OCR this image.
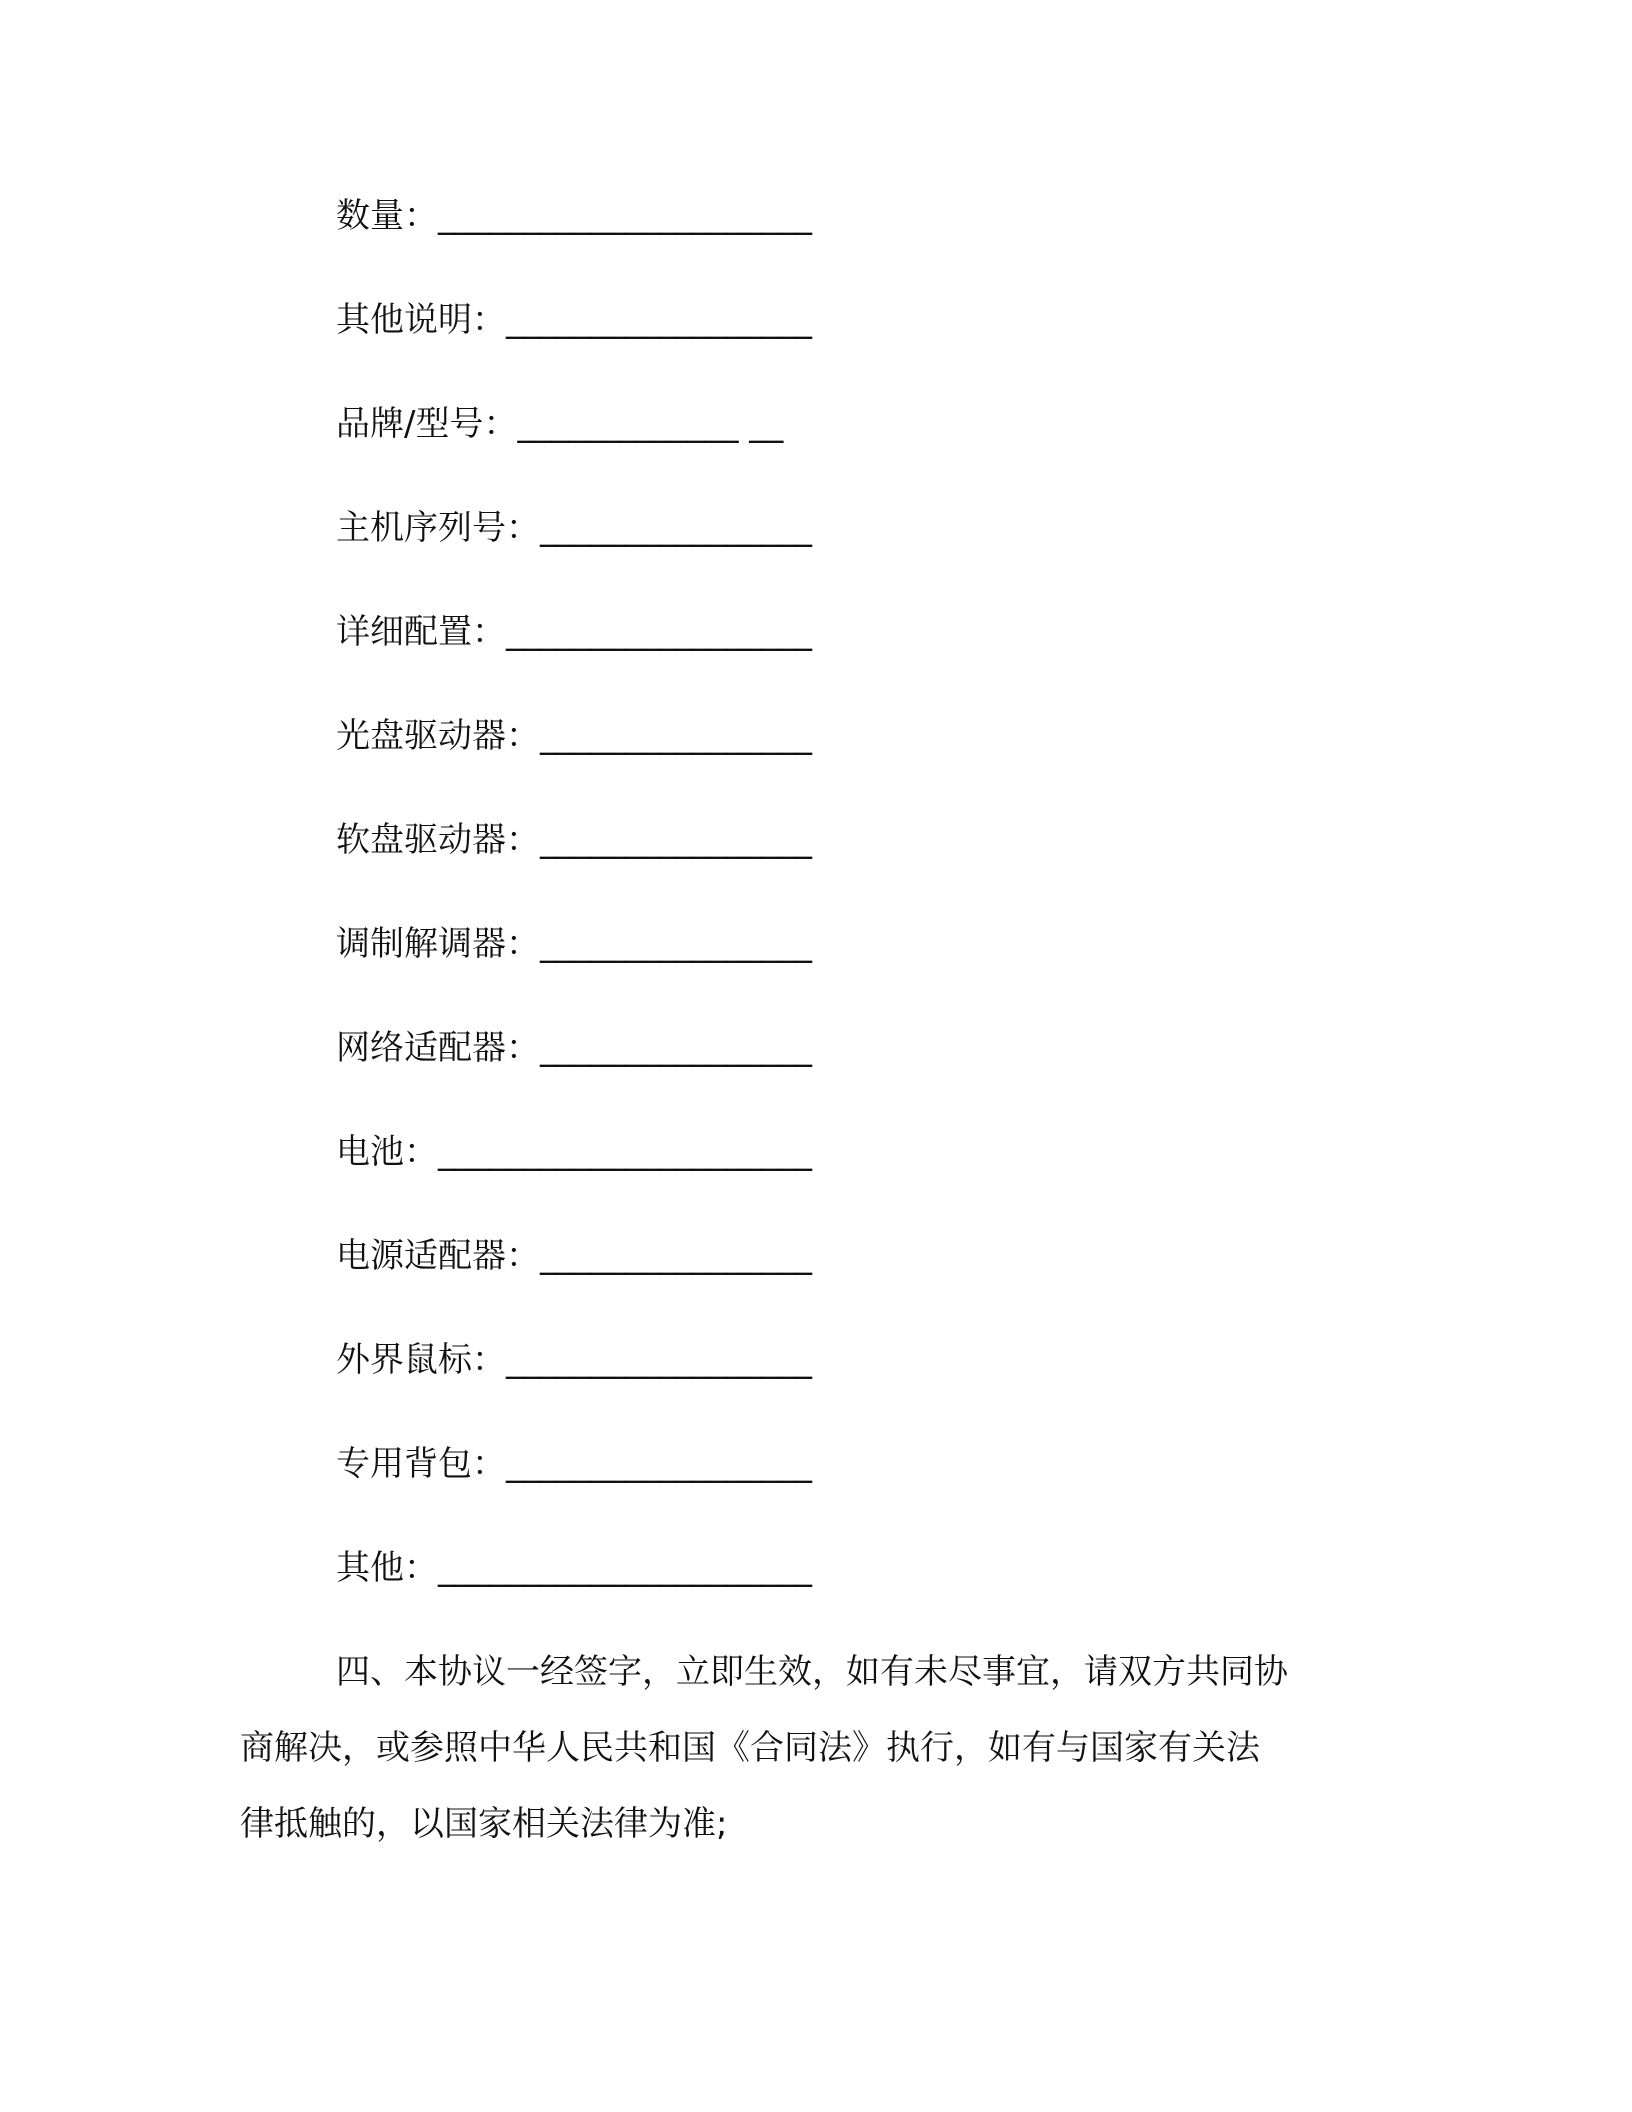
数量：______________________
其他说明：__________________
品牌/型号：_____________ __
主机序列号：________________
详细配置：__________________
光盘驱动器：________________
软盘驱动器：________________
调制解调器：________________
网络适配器：________________
电池：______________________
电源适配器：________________
外界鼠标：__________________
专用背包：__________________
其他：______________________
四、本协议一经签字，立即生效，如有未尽事宜，请双方共同协
商解决，或参照中华人民共和国《合同法》执行，如有与国家有关法
律抵触的，以国家相关法律为准;
